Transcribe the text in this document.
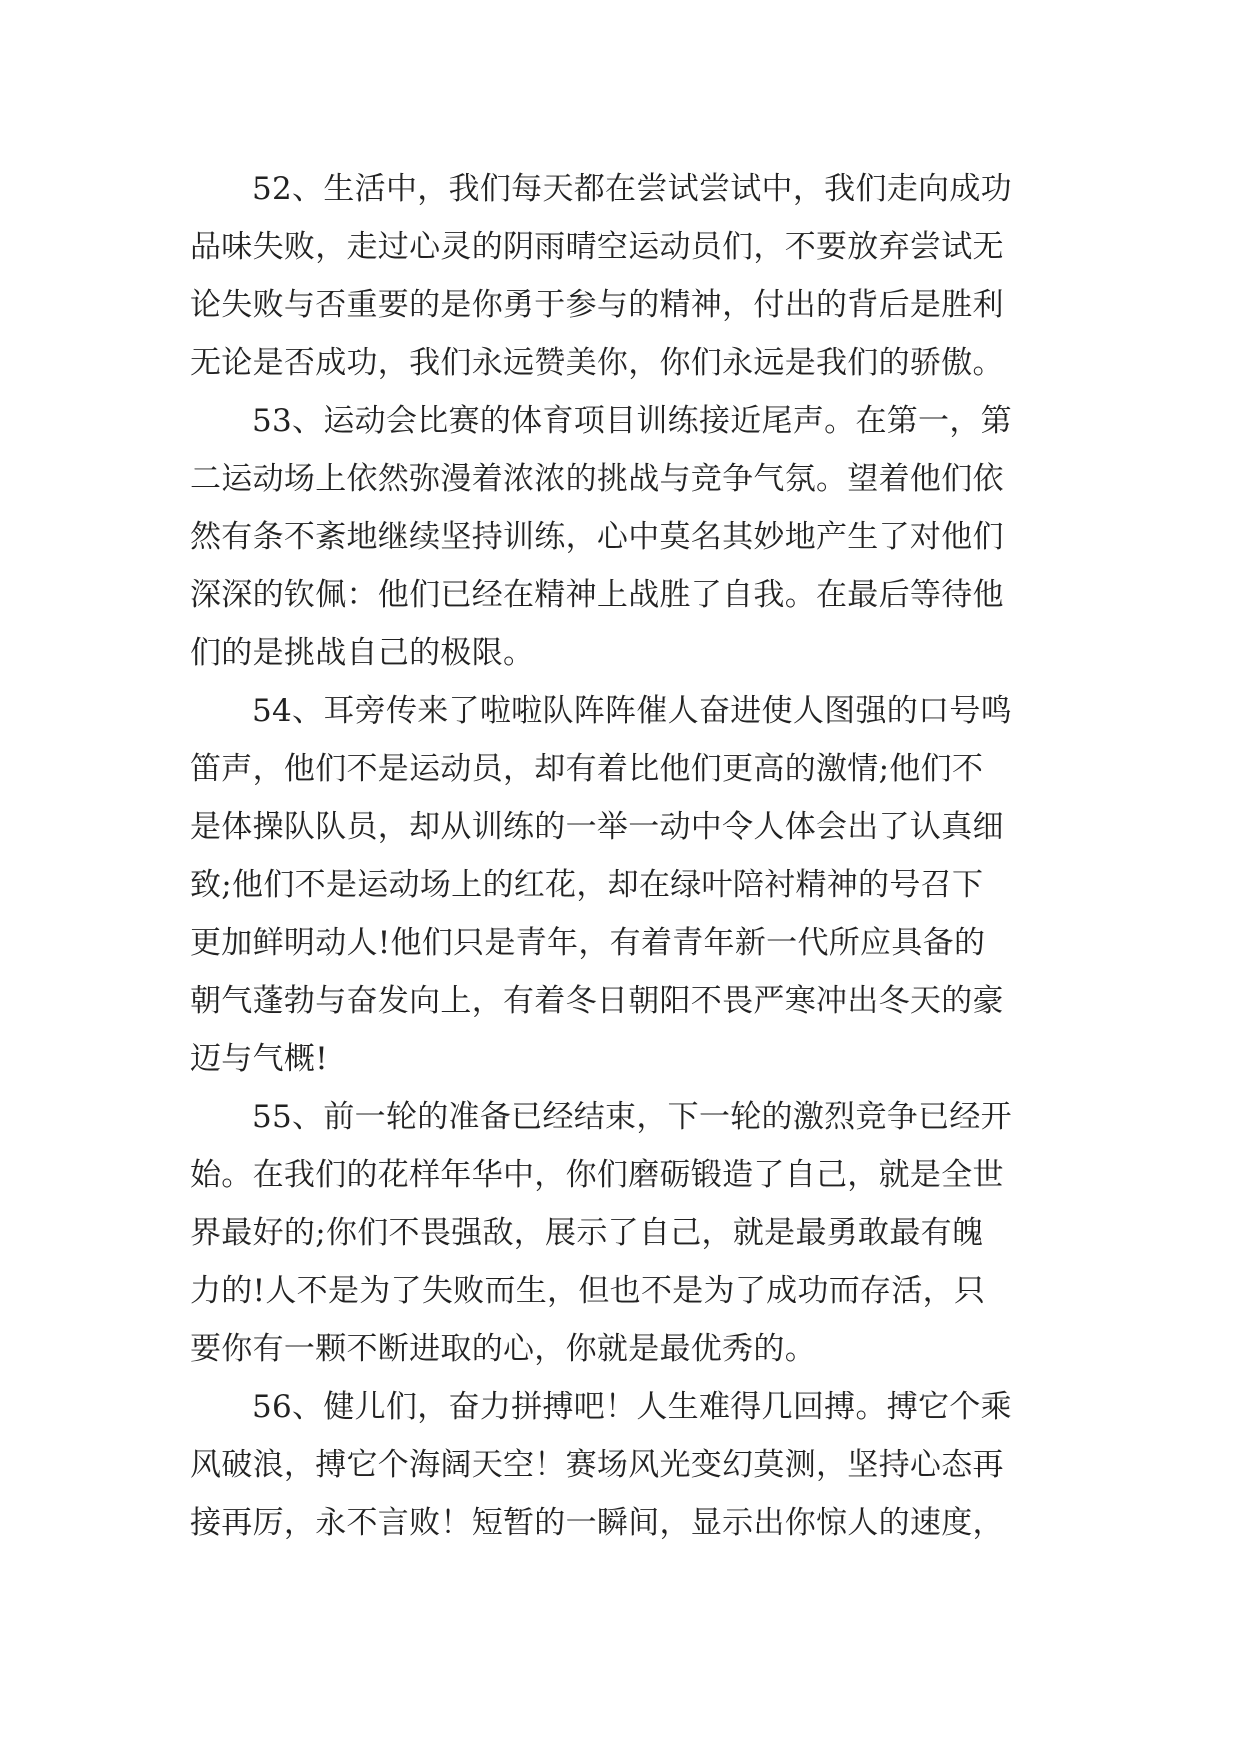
52、生活中，我们每天都在尝试尝试中，我们走向成功
品味失败，走过心灵的阴雨晴空运动员们，不要放弃尝试无
论失败与否重要的是你勇于参与的精神，付出的背后是胜利
无论是否成功，我们永远赞美你，你们永远是我们的骄傲。
53、运动会比赛的体育项目训练接近尾声。在第一，第
二运动场上依然弥漫着浓浓的挑战与竞争气氛。望着他们依
然有条不紊地继续坚持训练，心中莫名其妙地产生了对他们
深深的钦佩：他们已经在精神上战胜了自我。在最后等待他
们的是挑战自己的极限。
54、耳旁传来了啦啦队阵阵催人奋进使人图强的口号鸣
笛声，他们不是运动员，却有着比他们更高的激情;他们不
是体操队队员，却从训练的一举一动中令人体会出了认真细
致;他们不是运动场上的红花，却在绿叶陪衬精神的号召下
更加鲜明动人!他们只是青年，有着青年新一代所应具备的
朝气蓬勃与奋发向上，有着冬日朝阳不畏严寒冲出冬天的豪
迈与气概!
55、前一轮的准备已经结束，下一轮的激烈竞争已经开
始。在我们的花样年华中，你们磨砺锻造了自己，就是全世
界最好的;你们不畏强敌，展示了自己，就是最勇敢最有魄
力的!人不是为了失败而生，但也不是为了成功而存活，只
要你有一颗不断进取的心，你就是最优秀的。
56、健儿们，奋力拼搏吧！人生难得几回搏。搏它个乘
风破浪，搏它个海阔天空！赛场风光变幻莫测，坚持心态再
接再厉，永不言败！短暂的一瞬间，显示出你惊人的速度，
